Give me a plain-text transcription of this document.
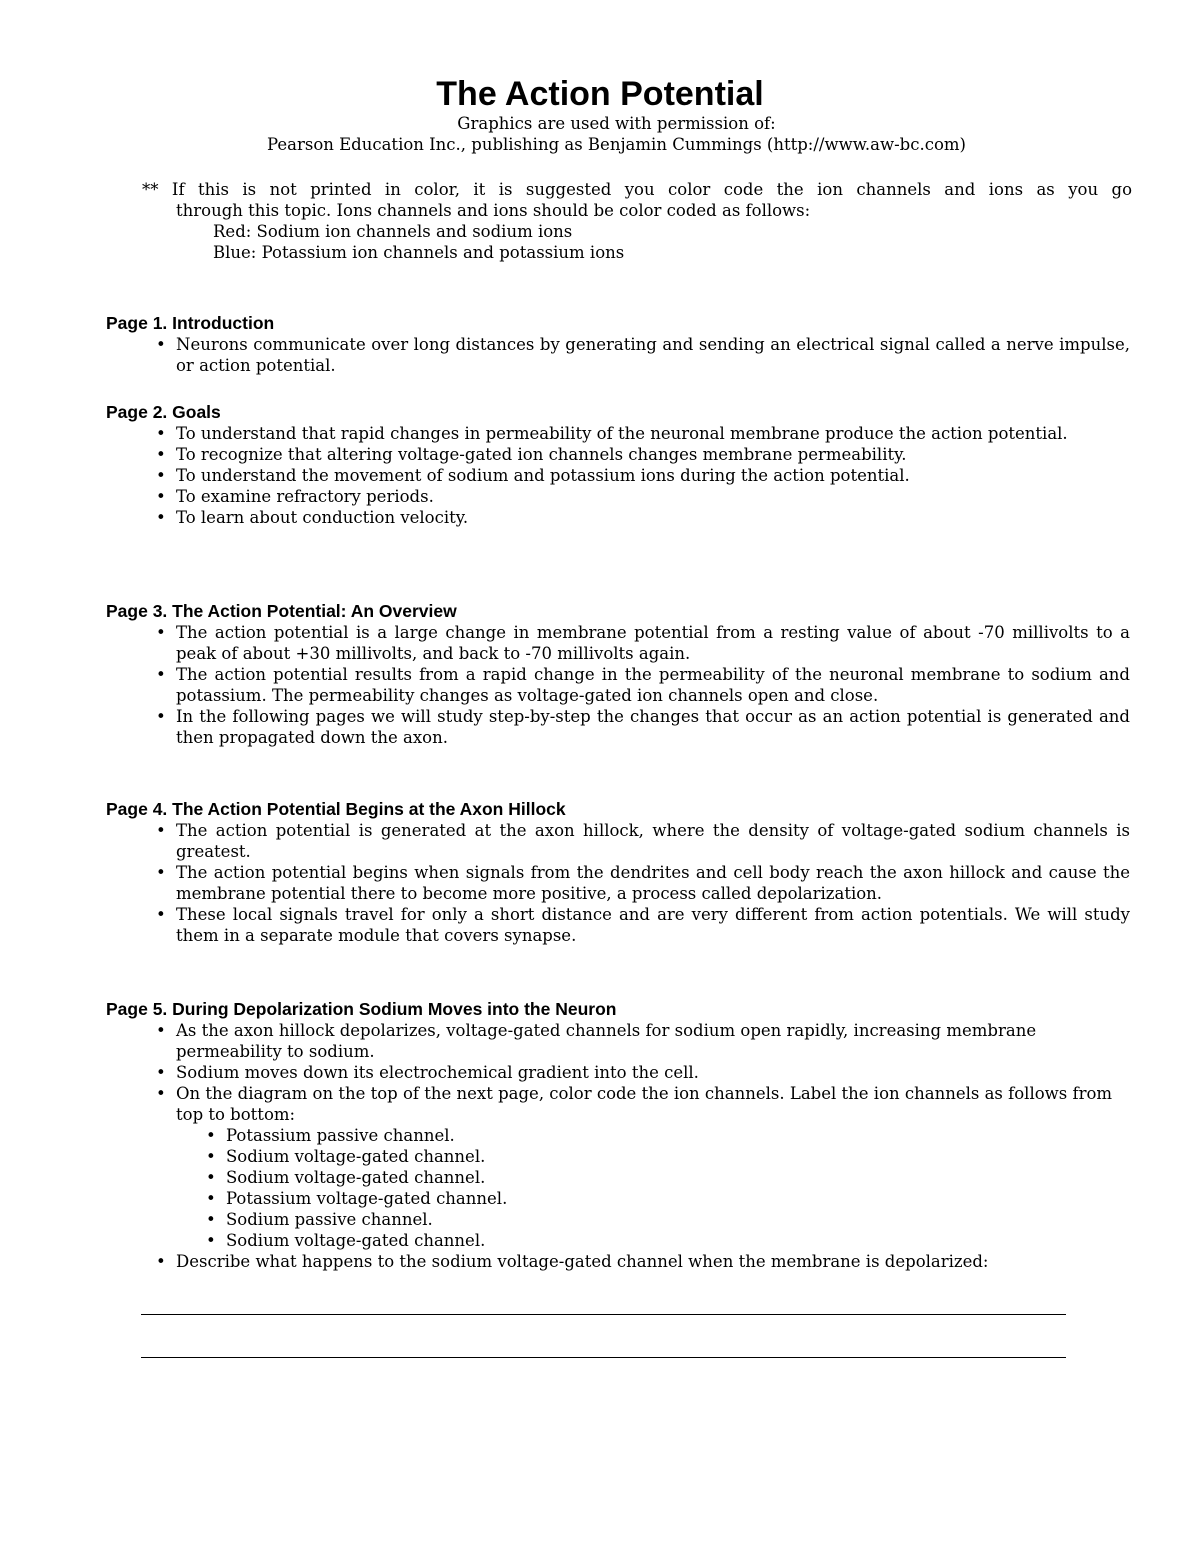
The Action Potential
Graphics are used with permission of:
Pearson Education Inc., publishing as Benjamin Cummings (http://www.aw-bc.com)
** If this is not printed in color, it is suggested you color code the ion channels and ions as you go
through this topic. Ions channels and ions should be color coded as follows:
Red: Sodium ion channels and sodium ions
Blue: Potassium ion channels and potassium ions
Page 1. Introduction
• Neurons communicate over long distances by generating and sending an electrical signal called a nerve impulse, or action potential.
Page 2. Goals
• To understand that rapid changes in permeability of the neuronal membrane produce the action potential.
• To recognize that altering voltage-gated ion channels changes membrane permeability.
• To understand the movement of sodium and potassium ions during the action potential.
• To examine refractory periods.
• To learn about conduction velocity.
Page 3. The Action Potential: An Overview
• The action potential is a large change in membrane potential from a resting value of about -70 millivolts to a peak of about +30 millivolts, and back to -70 millivolts again.
• The action potential results from a rapid change in the permeability of the neuronal membrane to sodium and potassium. The permeability changes as voltage-gated ion channels open and close.
• In the following pages we will study step-by-step the changes that occur as an action potential is generated and then propagated down the axon.
Page 4. The Action Potential Begins at the Axon Hillock
• The action potential is generated at the axon hillock, where the density of voltage-gated sodium channels is greatest.
• The action potential begins when signals from the dendrites and cell body reach the axon hillock and cause the membrane potential there to become more positive, a process called depolarization.
• These local signals travel for only a short distance and are very different from action potentials. We will study them in a separate module that covers synapse.
Page 5. During Depolarization Sodium Moves into the Neuron
• As the axon hillock depolarizes, voltage-gated channels for sodium open rapidly, increasing membrane permeability to sodium.
• Sodium moves down its electrochemical gradient into the cell.
• On the diagram on the top of the next page, color code the ion channels. Label the ion channels as follows from top to bottom:
• Potassium passive channel.
• Sodium voltage-gated channel.
• Sodium voltage-gated channel.
• Potassium voltage-gated channel.
• Sodium passive channel.
• Sodium voltage-gated channel.
• Describe what happens to the sodium voltage-gated channel when the membrane is depolarized:
